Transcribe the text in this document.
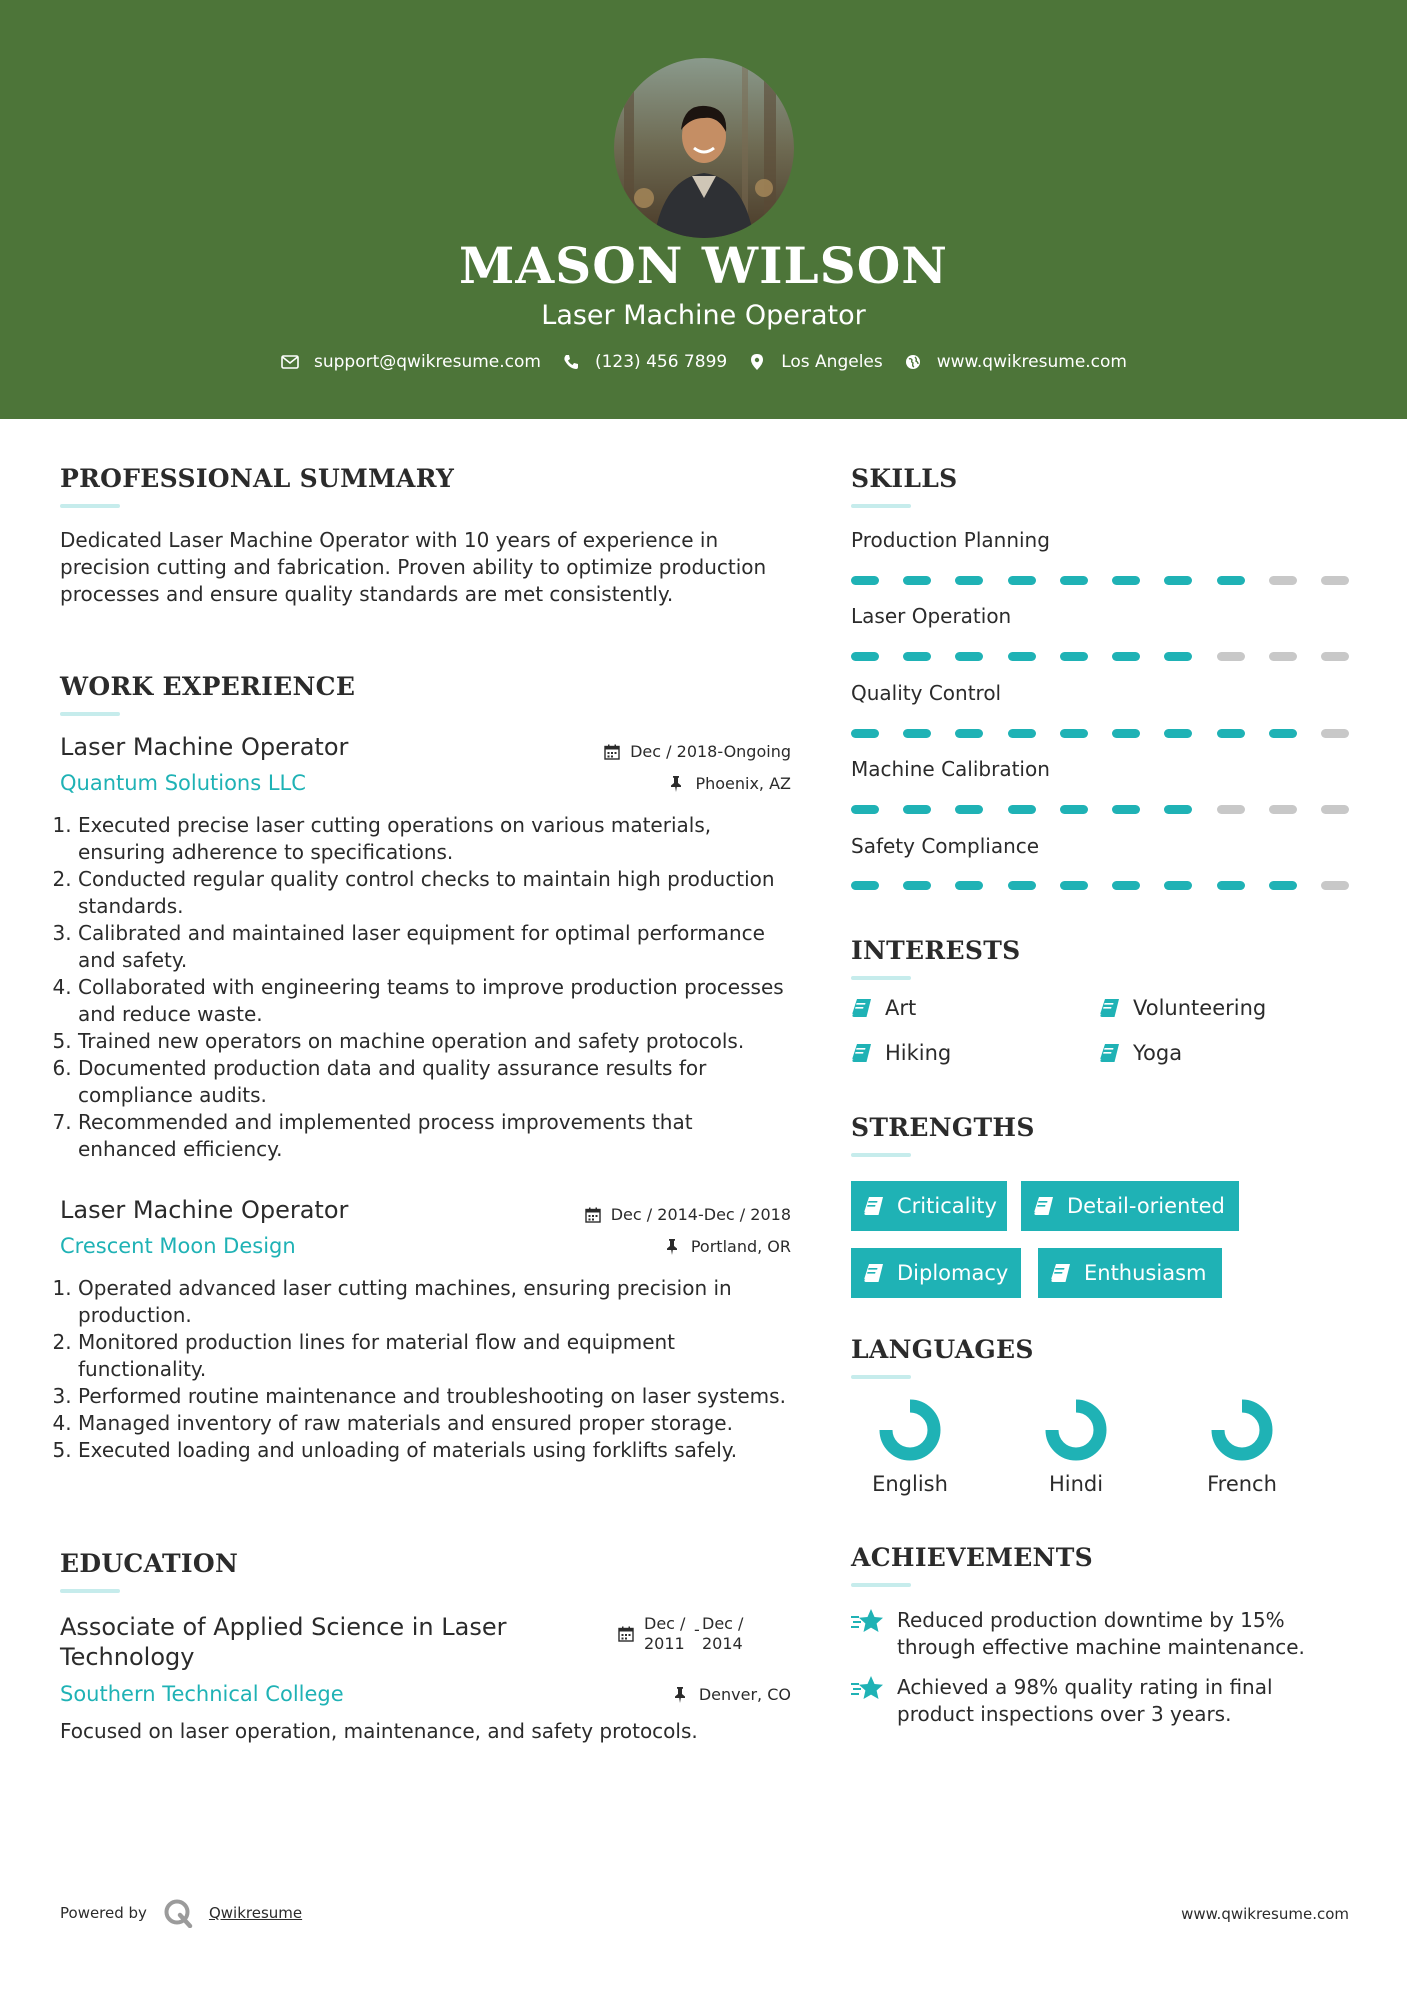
MASON WILSON
Laser Machine Operator
support@qwikresume.com	(123) 456 7899	Los Angeles	www.qwikresume.com
PROFESSIONAL SUMMARY
Dedicated Laser Machine Operator with 10 years of experience in precision cutting and fabrication. Proven ability to optimize production processes and ensure quality standards are met consistently.
WORK EXPERIENCE
Laser Machine Operator	Dec / 2018-Ongoing
Quantum Solutions LLC	Phoenix, AZ
1. Executed precise laser cutting operations on various materials, ensuring adherence to specifications.
2. Conducted regular quality control checks to maintain high production standards.
3. Calibrated and maintained laser equipment for optimal performance and safety.
4. Collaborated with engineering teams to improve production processes and reduce waste.
5. Trained new operators on machine operation and safety protocols.
6. Documented production data and quality assurance results for compliance audits.
7. Recommended and implemented process improvements that enhanced efficiency.
Laser Machine Operator	Dec / 2014-Dec / 2018
Crescent Moon Design	Portland, OR
1. Operated advanced laser cutting machines, ensuring precision in production.
2. Monitored production lines for material flow and equipment functionality.
3. Performed routine maintenance and troubleshooting on laser systems.
4. Managed inventory of raw materials and ensured proper storage.
5. Executed loading and unloading of materials using forklifts safely.
EDUCATION
Associate of Applied Science in Laser Technology
Dec / 2011
- Dec / 2014
Southern Technical College	Denver, CO
Focused on laser operation, maintenance, and safety protocols.
SKILLS
Production Planning
Laser Operation
Quality Control
Machine Calibration
Safety Compliance
INTERESTS
Art	Volunteering
Hiking	Yoga
STRENGTHS
Criticality	Detail-oriented
Diplomacy	Enthusiasm
LANGUAGES
English	Hindi	French
ACHIEVEMENTS
Reduced production downtime by 15% through effective machine maintenance.
Achieved a 98% quality rating in final product inspections over 3 years.
Powered by	Qwikresume	www.qwikresume.com
